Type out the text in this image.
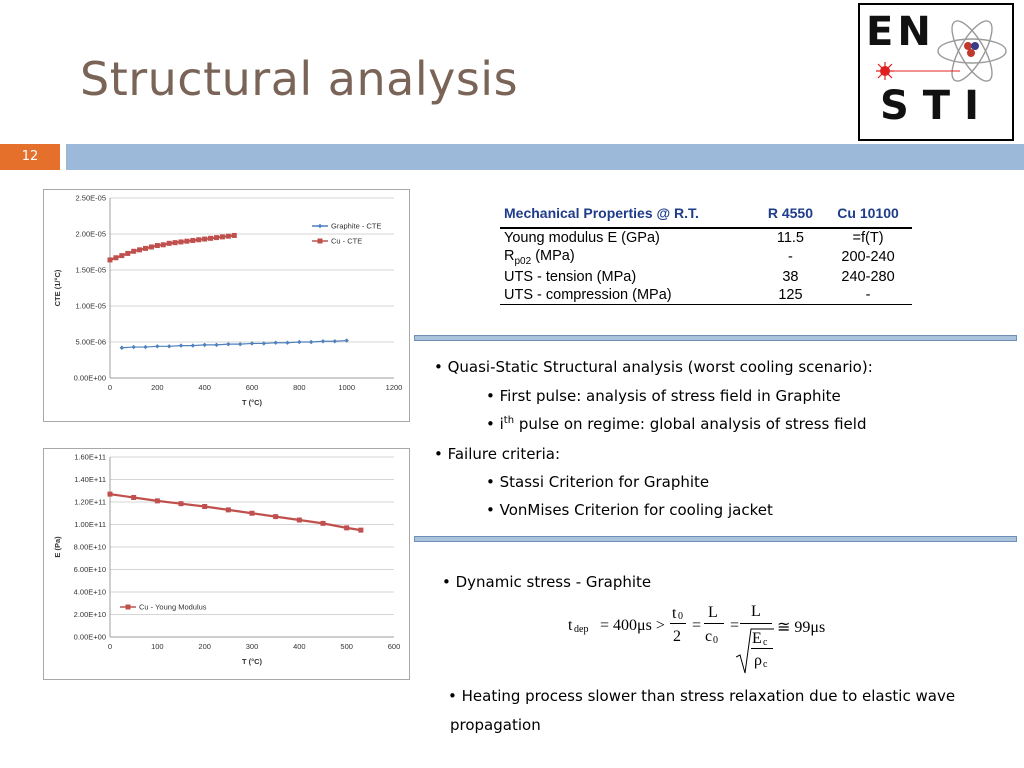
Structural analysis
EN
STI
12
0.00E+00
5.00E-06
1.00E-05
1.50E-05
2.00E-05
2.50E-05
0	200	400	600	800	1000	1200
T (°C)
CTE (1/°C)
Graphite - CTE
Cu - CTE
0.00E+00
2.00E+10
4.00E+10
6.00E+10
8.00E+10
1.00E+11
1.20E+11
1.40E+11
1.60E+11
0	100	200	300	400	500	600
T (°C)
E (Pa)
Cu - Young Modulus
Mechanical Properties @ R.T.	R 4550	Cu 10100
Young modulus E (GPa)	11.5	=f(T)
$R_{p02}$ (MPa)	-	200-240
UTS - tension (MPa)	38	240-280
UTS - compression (MPa)	125	-
• Quasi-Static Structural analysis (worst cooling scenario):
• First pulse: analysis of stress field in Graphite
• $i^{th}$ pulse on regime: global analysis of stress field
• Failure criteria:
• Stassi Criterion for Graphite
• VonMises Criterion for cooling jacket
• Dynamic stress - Graphite
• Heating process slower than stress relaxation due to elastic wave
propagation
t dep = 400μs >
t 0
2
=
L
c 0
=
L
E c
ρ c
≅ 99μs
